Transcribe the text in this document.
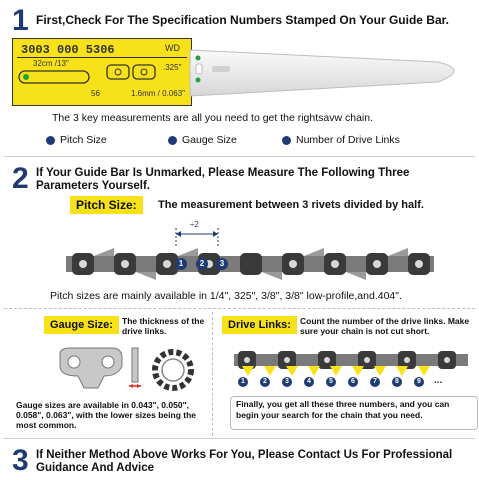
1 First,Check For The Specification Numbers Stamped On Your Guide Bar.
3003 000 5306	WD
32cm /13"	.325"
56	1.6mm / 0.063"
The 3 key measurements are all you need to get the rightsavw chain.
Pitch Size	Gauge Size	Number of Drive Links
2 If Your Guide Bar Is Unmarked, Please Measure The Following Three Parameters Yourself.
Pitch Size:	The measurement between 3 rivets divided by half.
÷2
1	2	3
Pitch sizes are mainly available in 1/4", 325", 3/8", 3/8" low-profile,and.404".
Gauge Size:	The thickness of the drive links.
Gauge sizes are available in 0.043", 0.050", 0.058", 0.063", with the lower sizes being the most common.
Drive Links:	Count the number of the drive links. Make sure your chain is not cut short.
1	2	3	4	5	6	7	8	9	...
Finally, you get all these three numbers, and you can begin your search for the chain that you need.
3 If Neither Method Above Works For You, Please Contact Us For Professional Guidance And Advice
